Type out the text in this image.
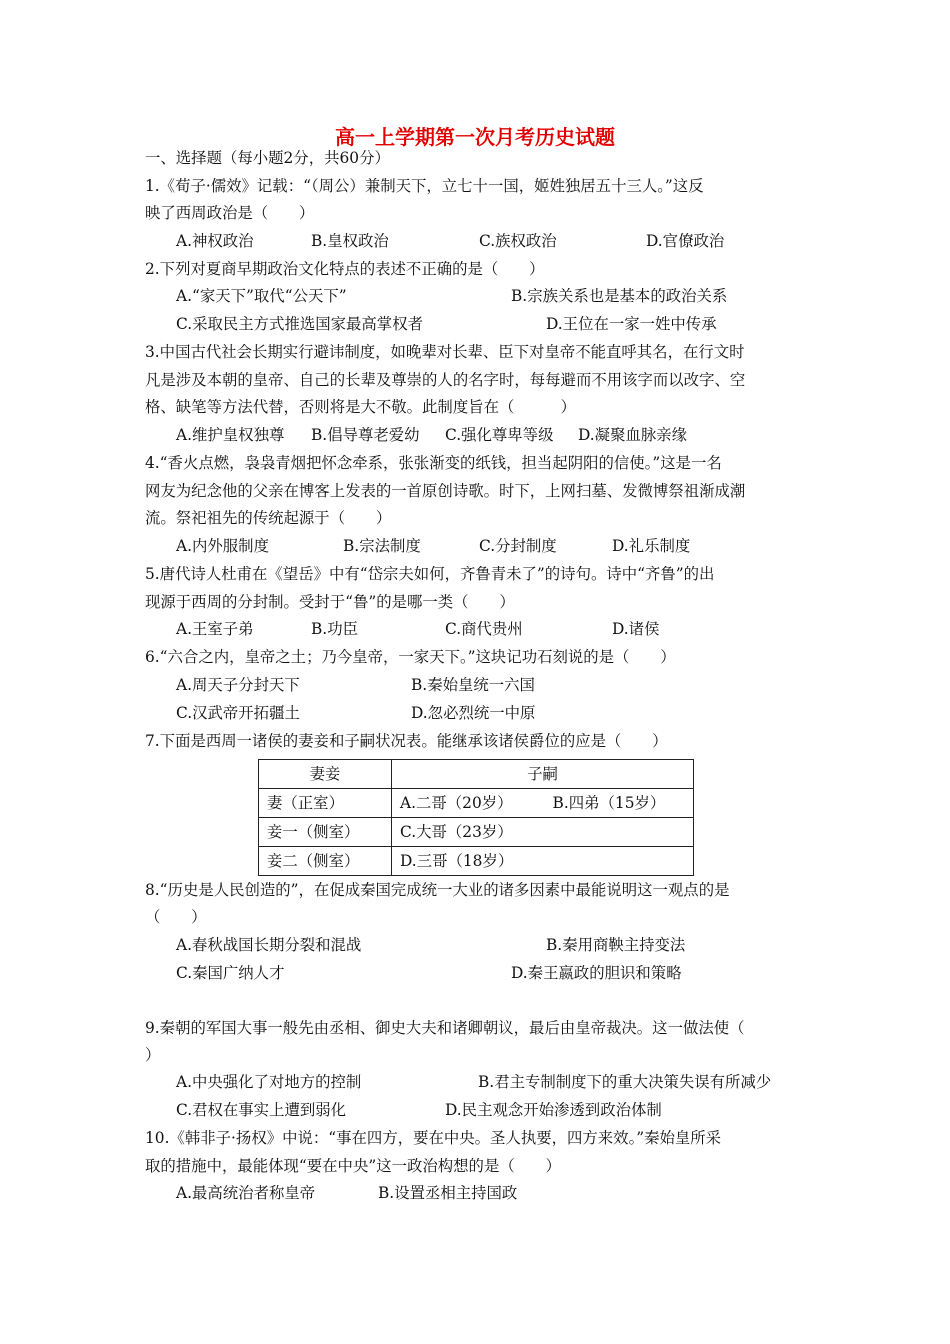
高一上学期第一次月考历史试题
一、选择题（每小题2分，共60分）
1.《荀子·儒效》记载：“（周公）兼制天下，立七十一国，姬姓独居五十三人。”这反
映了西周政治是（　　）
A.神权政治	B.皇权政治	C.族权政治	D.官僚政治
2.下列对夏商早期政治文化特点的表述不正确的是（　　）
A.“家天下”取代“公天下”	B.宗族关系也是基本的政治关系
C.采取民主方式推选国家最高掌权者	D.王位在一家一姓中传承
3.中国古代社会长期实行避讳制度，如晚辈对长辈、臣下对皇帝不能直呼其名，在行文时
凡是涉及本朝的皇帝、自己的长辈及尊崇的人的名字时，每每避而不用该字而以改字、空
格、缺笔等方法代替，否则将是大不敬。此制度旨在（　　　）
A.维护皇权独尊 B.倡导尊老爱幼 C.强化尊卑等级 D.凝聚血脉亲缘
4.“香火点燃，袅袅青烟把怀念牵系，张张渐变的纸钱，担当起阴阳的信使。”这是一名
网友为纪念他的父亲在博客上发表的一首原创诗歌。时下，上网扫墓、发微博祭祖渐成潮
流。祭祀祖先的传统起源于（　　）
A.内外服制度	B.宗法制度	C.分封制度	D.礼乐制度
5.唐代诗人杜甫在《望岳》中有“岱宗夫如何，齐鲁青未了”的诗句。诗中“齐鲁”的出
现源于西周的分封制。受封于“鲁”的是哪一类（　　）
A.王室子弟	B.功臣	C.商代贵州	D.诸侯
6.“六合之内，皇帝之土；乃今皇帝，一家天下。”这块记功石刻说的是（　　）
A.周天子分封天下	B.秦始皇统一六国
C.汉武帝开拓疆土	D.忽必烈统一中原
7.下面是西周一诸侯的妻妾和子嗣状况表。能继承该诸侯爵位的应是（　　）
妻妾	子嗣
妻（正室）	A.二哥（20岁） B.四弟（15岁）
妾一（侧室）	C.大哥（23岁）
妾二（侧室）	D.三哥（18岁）
8.“历史是人民创造的”，在促成秦国完成统一大业的诸多因素中最能说明这一观点的是
（　　）
A.春秋战国长期分裂和混战	B.秦用商鞅主持变法
C.秦国广纳人才	D.秦王嬴政的胆识和策略
9.秦朝的军国大事一般先由丞相、御史大夫和诸卿朝议，最后由皇帝裁决。这一做法使（
）
A.中央强化了对地方的控制	B.君主专制制度下的重大决策失误有所减少
C.君权在事实上遭到弱化	D.民主观念开始渗透到政治体制
10.《韩非子·扬权》中说：“事在四方，要在中央。圣人执要，四方来效。”秦始皇所采
取的措施中，最能体现“要在中央”这一政治构想的是（　　）
A.最高统治者称皇帝	B.设置丞相主持国政
